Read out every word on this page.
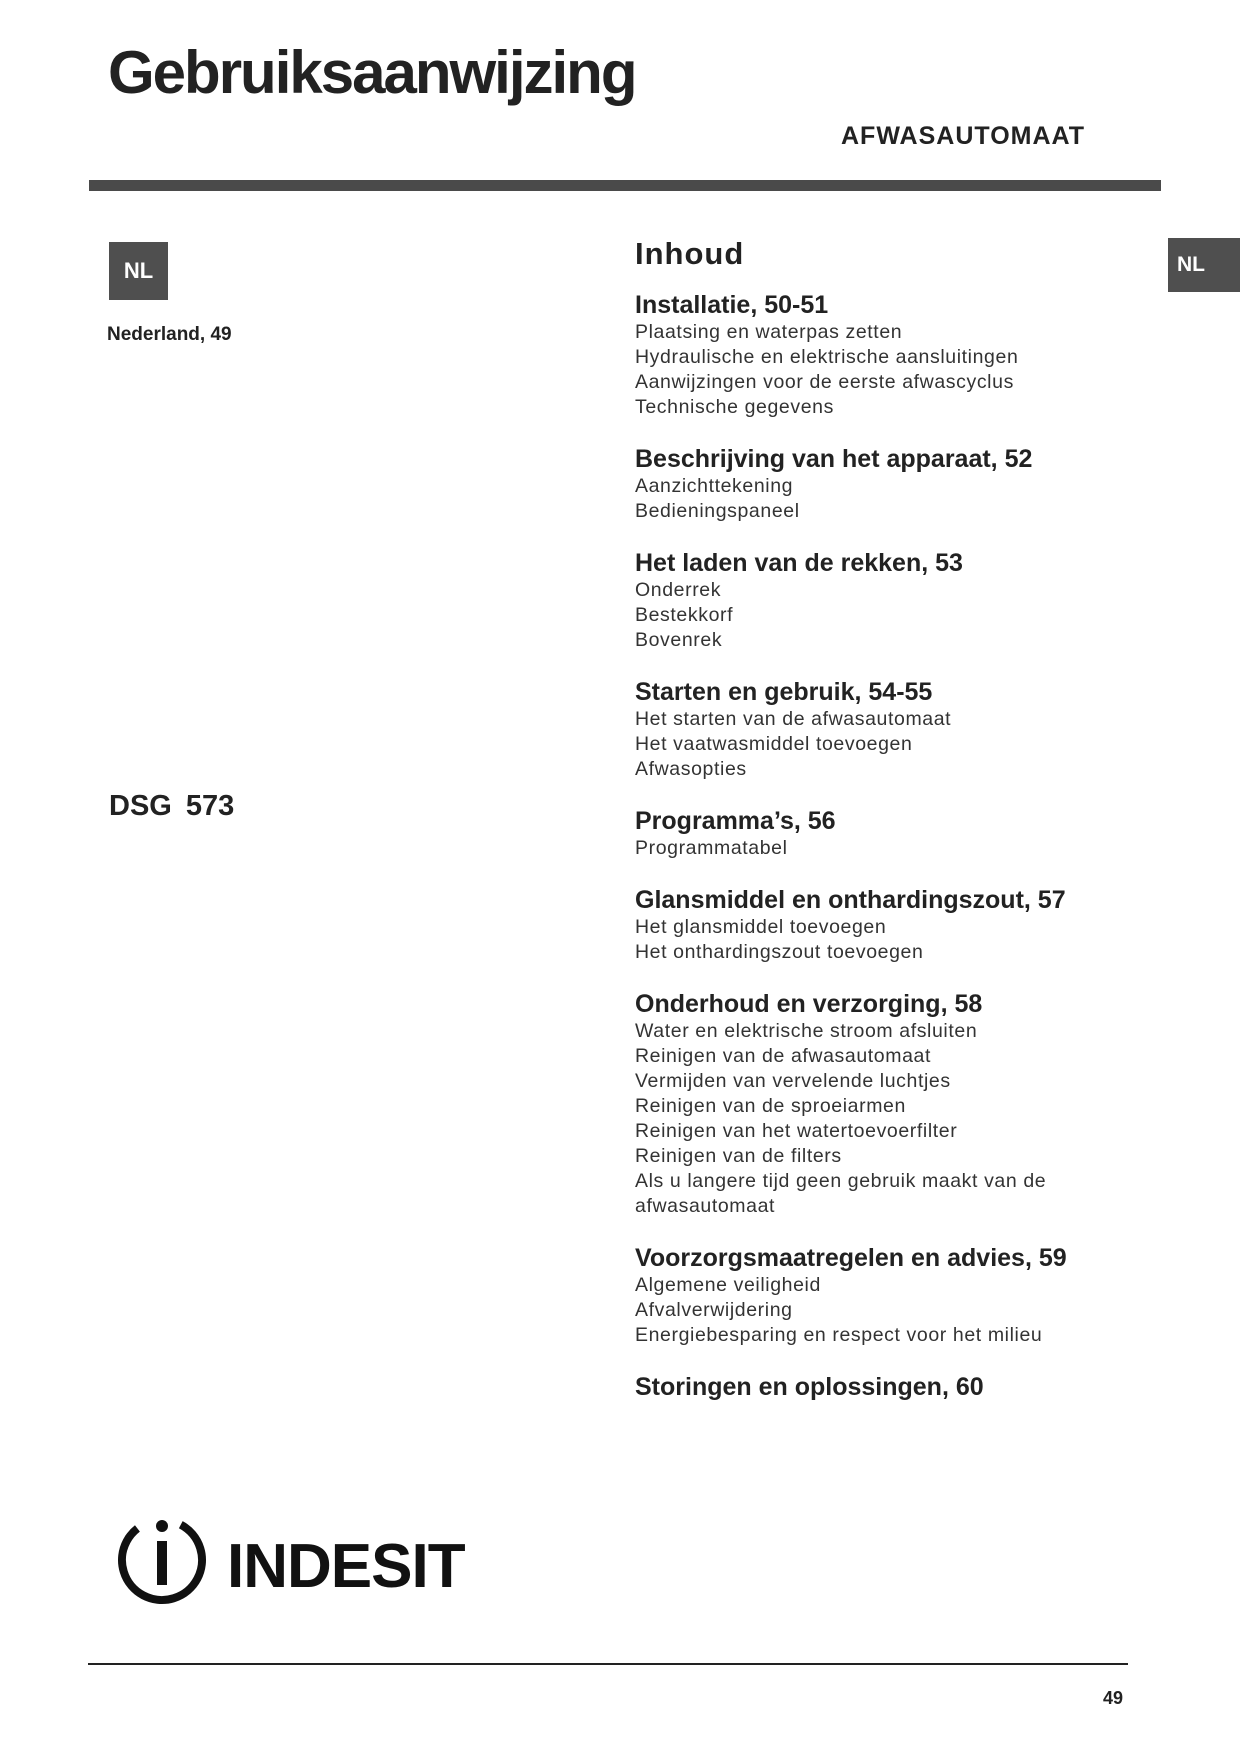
Gebruiksaanwijzing
AFWASAUTOMAAT
NL
Nederland, 49
DSG 573
NL
Inhoud
Installatie, 50-51
Plaatsing en waterpas zetten
Hydraulische en elektrische aansluitingen
Aanwijzingen voor de eerste afwascyclus
Technische gegevens
Beschrijving van het apparaat, 52
Aanzichttekening
Bedieningspaneel
Het laden van de rekken, 53
Onderrek
Bestekkorf
Bovenrek
Starten en gebruik, 54-55
Het starten van de afwasautomaat
Het vaatwasmiddel toevoegen
Afwasopties
Programma’s, 56
Programmatabel
Glansmiddel en onthardingszout, 57
Het glansmiddel toevoegen
Het onthardingszout toevoegen
Onderhoud en verzorging, 58
Water en elektrische stroom afsluiten
Reinigen van de afwasautomaat
Vermijden van vervelende luchtjes
Reinigen van de sproeiarmen
Reinigen van het watertoevoerfilter
Reinigen van de filters
Als u langere tijd geen gebruik maakt van de afwasautomaat
Voorzorgsmaatregelen en advies, 59
Algemene veiligheid
Afvalverwijdering
Energiebesparing en respect voor het milieu
Storingen en oplossingen, 60
INDESIT
49
